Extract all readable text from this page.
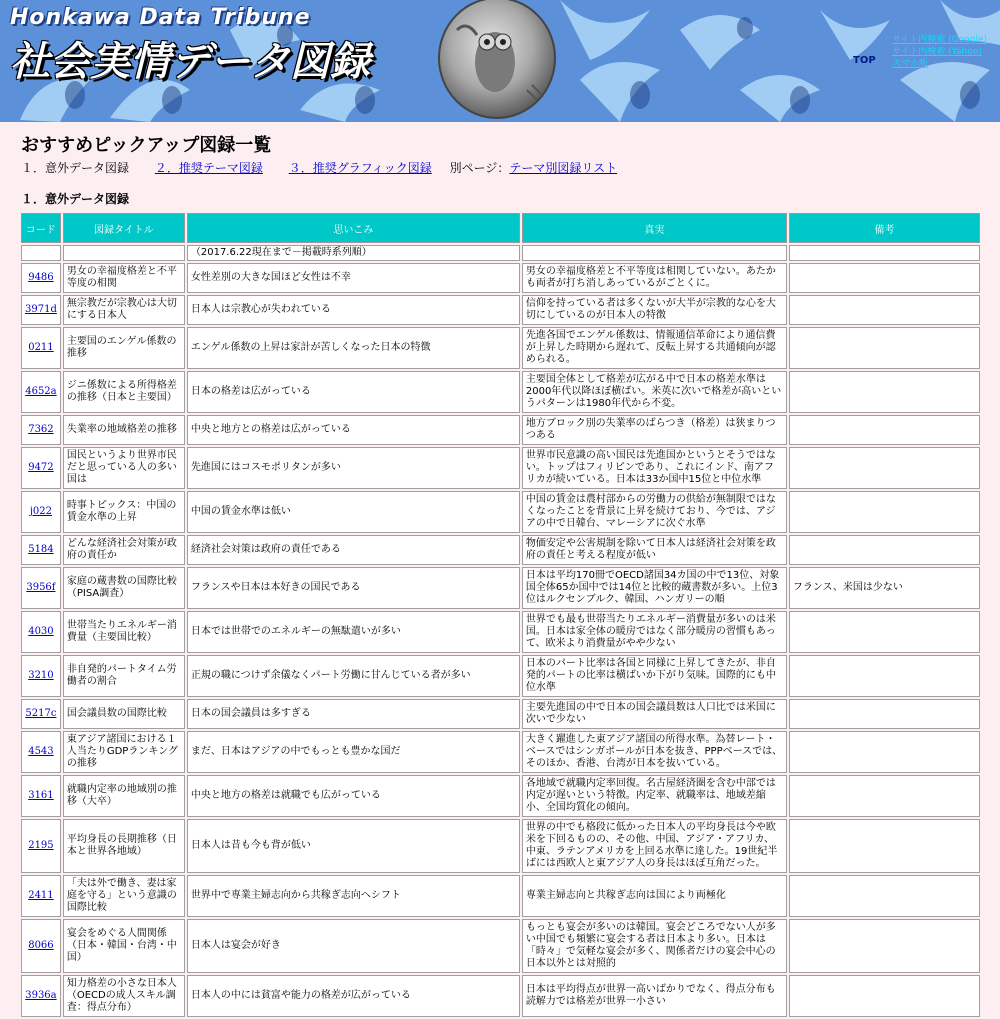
Honkawa Data Tribune
社会実情データ図録	TOP
サイト内検索 (Google)
サイト内検索 (Yahoo)
スマホ版
おすすめピックアップ図録一覧
１．意外データ図録 ２．推奨テーマ図録 ３．推奨グラフィック図録 別ページ：テーマ別図録リスト
１．意外データ図録
コード	図録タイトル	思いこみ	真実	備考
		（2017.6.22現在まで－掲載時系列順）		
9486	男女の幸福度格差と不平等度の相関	女性差別の大きな国ほど女性は不幸	男女の幸福度格差と不平等度は相関していない。あたかも両者が打ち消しあっているがごとくに。	
3971d	無宗教だが宗教心は大切にする日本人	日本人は宗教心が失われている	信仰を持っている者は多くないが大半が宗教的な心を大切にしているのが日本人の特徴	
0211	主要国のエンゲル係数の推移	エンゲル係数の上昇は家計が苦しくなった日本の特徴	先進各国でエンゲル係数は、情報通信革命により通信費が上昇した時期から遅れて、反転上昇する共通傾向が認められる。	
4652a	ジニ係数による所得格差の推移（日本と主要国）	日本の格差は広がっている	主要国全体として格差が広がる中で日本の格差水準は2000年代以降ほぼ横ばい。米英に次いで格差が高いというパターンは1980年代から不変。	
7362	失業率の地域格差の推移	中央と地方との格差は広がっている	地方ブロック別の失業率のばらつき（格差）は狭まりつつある	
9472	国民というより世界市民だと思っている人の多い国は	先進国にはコスモポリタンが多い	世界市民意識の高い国民は先進国かというとそうではない。トップはフィリピンであり、これにインド、南アフリカが続いている。日本は33か国中15位と中位水準	
j022	時事トピックス：中国の賃金水準の上昇	中国の賃金水準は低い	中国の賃金は農村部からの労働力の供給が無制限ではなくなったことを背景に上昇を続けており、今では、アジアの中で日韓台、マレーシアに次ぐ水準	
5184	どんな経済社会対策が政府の責任か	経済社会対策は政府の責任である	物価安定や公害規制を除いて日本人は経済社会対策を政府の責任と考える程度が低い	
3956f	家庭の蔵書数の国際比較（PISA調査）	フランスや日本は本好きの国民である	日本は平均170冊でOECD諸国34カ国の中で13位、対象国全体65か国中では14位と比較的蔵書数が多い。上位3位はルクセンブルク、韓国、ハンガリーの順	フランス、米国は少ない
4030	世帯当たりエネルギー消費量（主要国比較）	日本では世帯でのエネルギーの無駄遣いが多い	世界でも最も世帯当たりエネルギー消費量が多いのは米国。日本は家全体の暖房ではなく部分暖房の習慣もあって、欧米より消費量がやや少ない	
3210	非自発的パートタイム労働者の割合	正規の職につけず余儀なくパート労働に甘んじている者が多い	日本のパート比率は各国と同様に上昇してきたが、非自発的パートの比率は横ばいか下がり気味。国際的にも中位水準	
5217c	国会議員数の国際比較	日本の国会議員は多すぎる	主要先進国の中で日本の国会議員数は人口比では米国に次いで少ない	
4543	東アジア諸国における１人当たりGDPランキングの推移	まだ、日本はアジアの中でもっとも豊かな国だ	大きく躍進した東アジア諸国の所得水準。為替レート・ベースではシンガポールが日本を抜き、PPPベースでは、そのほか、香港、台湾が日本を抜いている。	
3161	就職内定率の地域別の推移（大卒）	中央と地方の格差は就職でも広がっている	各地域で就職内定率回復。名古屋経済圏を含む中部では内定が遅いという特徴。内定率、就職率は、地域差縮小、全国均質化の傾向。	
2195	平均身長の長期推移（日本と世界各地域）	日本人は昔も今も背が低い	世界の中でも格段に低かった日本人の平均身長は今や欧米を下回るものの、その他、中国、アジア・アフリカ、中東、ラテンアメリカを上回る水準に達した。19世紀半ばには西欧人と東アジア人の身長はほぼ互角だった。	
2411	「夫は外で働き、妻は家庭を守る」という意識の国際比較	世界中で専業主婦志向から共稼ぎ志向へシフト	専業主婦志向と共稼ぎ志向は国により両極化	
8066	宴会をめぐる人間関係（日本・韓国・台湾・中国）	日本人は宴会が好き	もっとも宴会が多いのは韓国。宴会どころでない人が多い中国でも頻繁に宴会する者は日本より多い。日本は「時々」で気軽な宴会が多く、関係者だけの宴会中心の日本以外とは対照的	
3936a	知力格差の小さな日本人（OECDの成人スキル調査：得点分布）	日本人の中には貧富や能力の格差が広がっている	日本は平均得点が世界一高いばかりでなく、得点分布も読解力では格差が世界一小さい	
